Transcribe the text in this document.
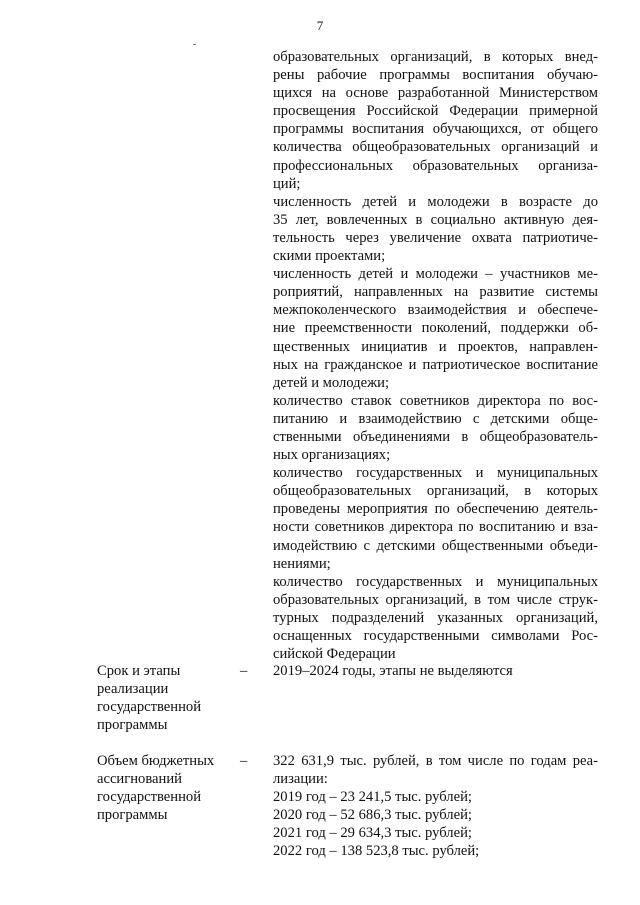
7
образовательных организаций, в которых внед-
рены рабочие программы воспитания обучаю-
щихся на основе разработанной Министерством
просвещения Российской Федерации примерной
программы воспитания обучающихся, от общего
количества общеобразовательных организаций и
профессиональных образовательных организа-
ций;
численность детей и молодежи в возрасте до
35 лет, вовлеченных в социально активную дея-
тельность через увеличение охвата патриотиче-
скими проектами;
численность детей и молодежи – участников ме-
роприятий, направленных на развитие системы
межпоколенческого взаимодействия и обеспече-
ние преемственности поколений, поддержки об-
щественных инициатив и проектов, направлен-
ных на гражданское и патриотическое воспитание
детей и молодежи;
количество ставок советников директора по вос-
питанию и взаимодействию с детскими обще-
ственными объединениями в общеобразователь-
ных организациях;
количество государственных и муниципальных
общеобразовательных организаций, в которых
проведены мероприятия по обеспечению деятель-
ности советников директора по воспитанию и вза-
имодействию с детскими общественными объеди-
нениями;
количество государственных и муниципальных
образовательных организаций, в том числе струк-
турных подразделений указанных организаций,
оснащенных государственными символами Рос-
сийской Федерации
Срок и этапы
реализации
государственной
программы
– 2019–2024 годы, этапы не выделяются
Объем бюджетных
ассигнований
государственной
программы
– 322 631,9 тыс. рублей, в том числе по годам реа-
лизации:
2019 год – 23 241,5 тыс. рублей;
2020 год – 52 686,3 тыс. рублей;
2021 год – 29 634,3 тыс. рублей;
2022 год – 138 523,8 тыс. рублей;
